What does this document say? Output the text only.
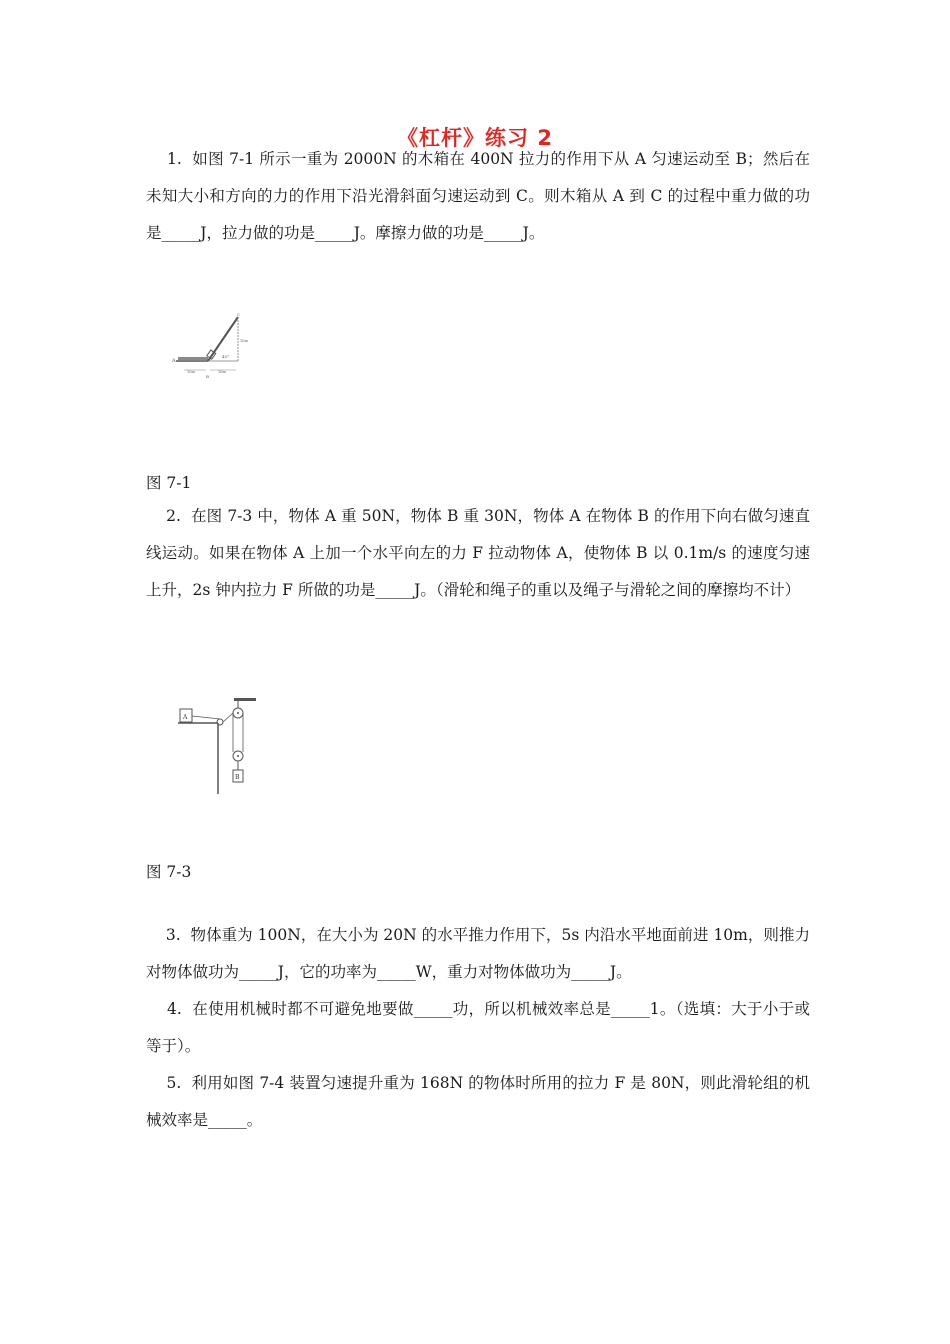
《杠杆》练习 2
1.  如图 7-1 所示一重为 2000N 的木箱在 400N 拉力的作用下从 A 匀速运动至 B；然后在未知大小和方向的力的作用下沿光滑斜面匀速运动到 C。则木箱从 A 到 C 的过程中重力做的功是_____J，拉力做的功是_____J。摩擦力做的功是_____J。
A
B
C
45°
10m	10m
10m
图 7-1
2.  在图 7-3 中，物体 A 重 50N，物体 B 重 30N，物体 A 在物体 B 的作用下向右做匀速直线运动。如果在物体 A 上加一个水平向左的力 F 拉动物体 A，使物体 B 以 0.1m/s 的速度匀速上升，2s 钟内拉力 F 所做的功是_____J。（滑轮和绳子的重以及绳子与滑轮之间的摩擦均不计）
A
B
图 7-3
3.  物体重为 100N，在大小为 20N 的水平推力作用下，5s 内沿水平地面前进 10m，则推力对物体做功为_____J，它的功率为_____W，重力对物体做功为_____J。
4.  在使用机械时都不可避免地要做_____功，所以机械效率总是_____1。（选填：大于小于或等于）。
5.  利用如图 7-4 装置匀速提升重为 168N 的物体时所用的拉力 F 是 80N，则此滑轮组的机械效率是_____。
